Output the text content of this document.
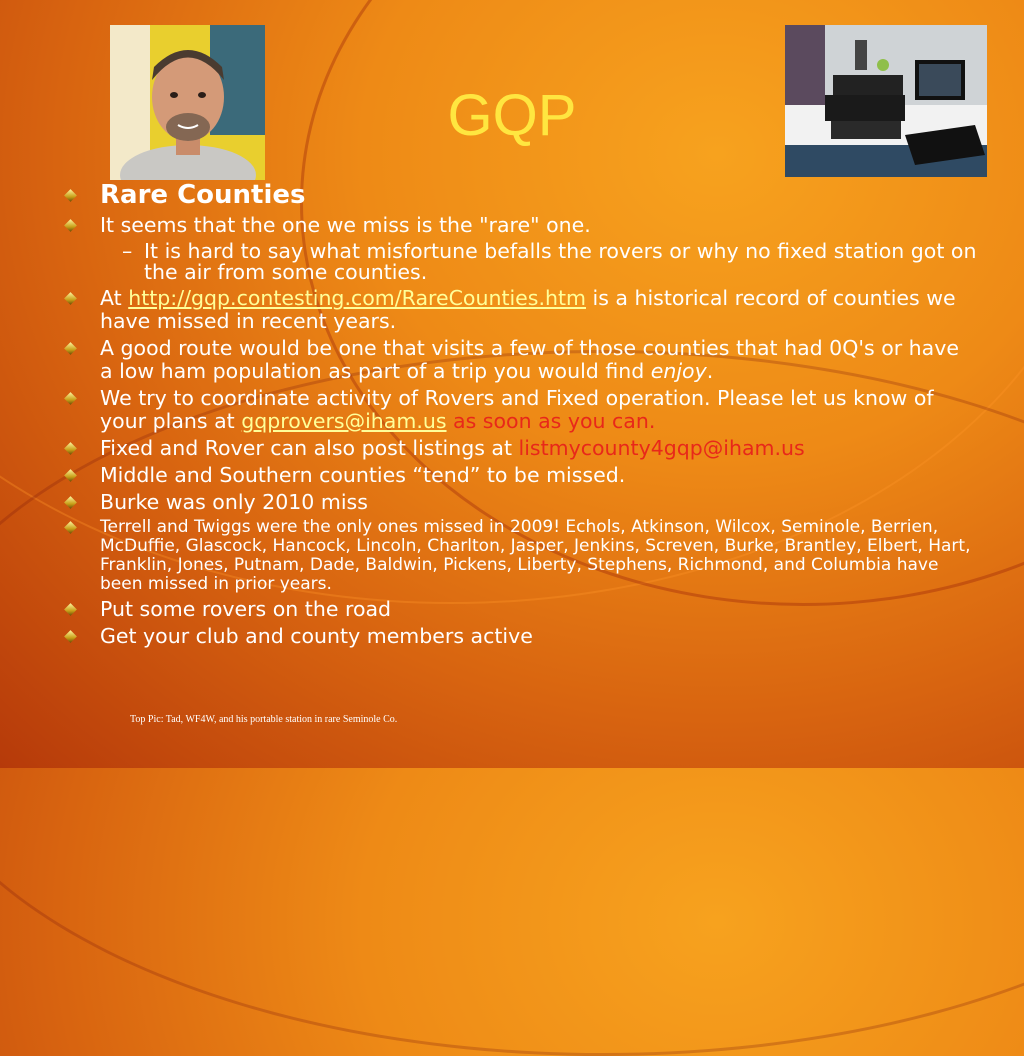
GQP
Rare Counties
It seems that the one we miss is the "rare" one.
– It is hard to say what misfortune befalls the rovers or why no fixed station got on the air from some counties.
At http://gqp.contesting.com/RareCounties.htm is a historical record of counties we have missed in recent years.
A good route would be one that visits a few of those counties that had 0Q's or have a low ham population as part of a trip you would find enjoy.
We try to coordinate activity of Rovers and Fixed operation. Please let us know of your plans at gqprovers@iham.us as soon as you can.
Fixed and Rover can also post listings at listmycounty4gqp@iham.us
Middle and Southern counties “tend” to be missed.
Burke was only 2010 miss
Terrell and Twiggs were the only ones missed in 2009! Echols, Atkinson, Wilcox, Seminole, Berrien, McDuffie, Glascock, Hancock, Lincoln, Charlton, Jasper, Jenkins, Screven, Burke, Brantley, Elbert, Hart, Franklin, Jones, Putnam, Dade, Baldwin, Pickens, Liberty, Stephens, Richmond, and Columbia have been missed in prior years.
Put some rovers on the road
Get your club and county members active
Top Pic: Tad, WF4W, and his portable station in rare Seminole Co.
